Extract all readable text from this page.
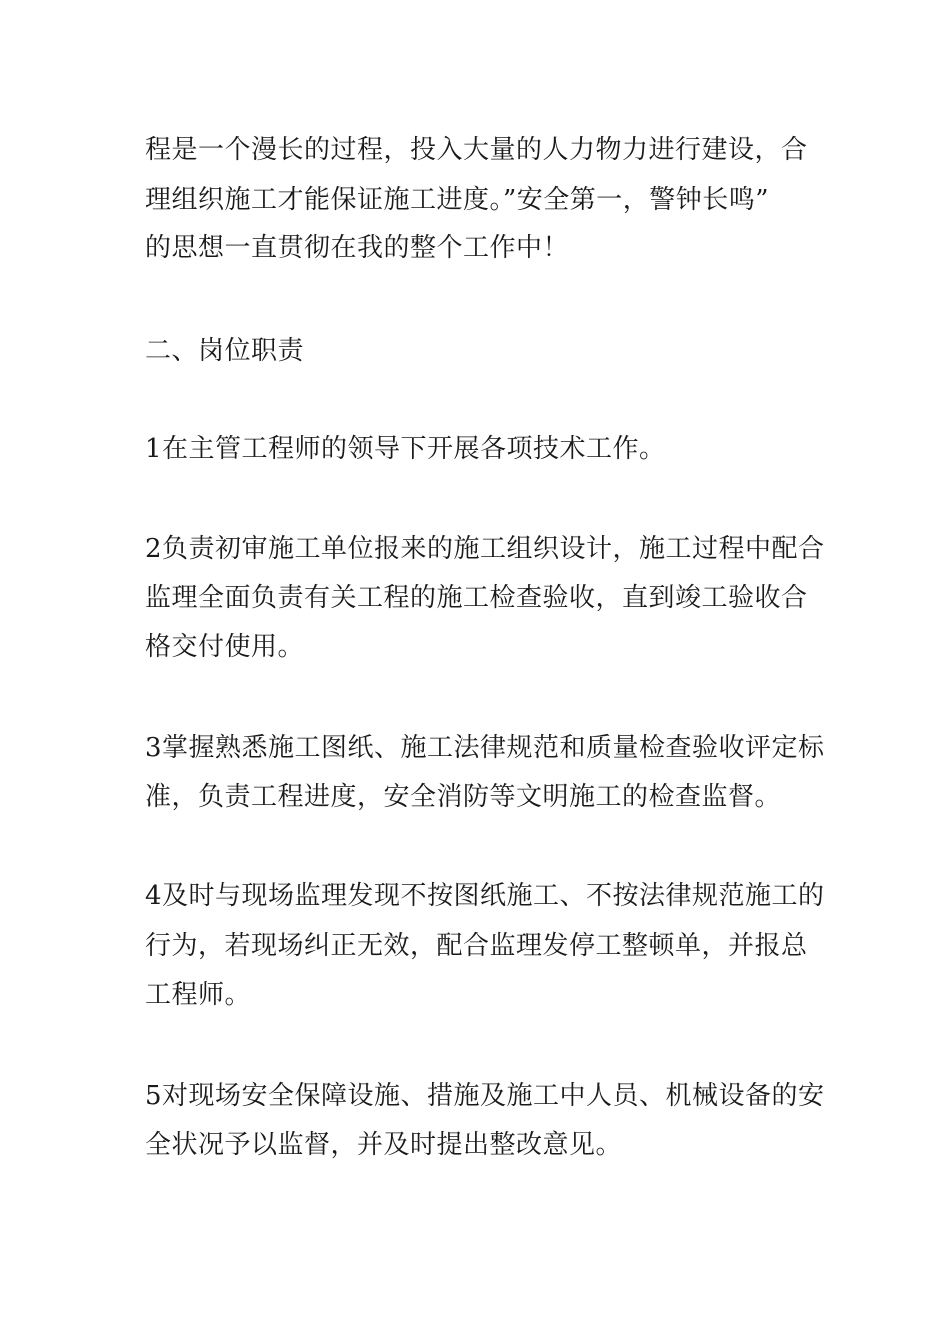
程是一个漫长的过程，投入大量的人力物力进行建设，合
理组织施工才能保证施工进度。”安全第一，警钟长鸣”
的思想一直贯彻在我的整个工作中！
二、岗位职责
1在主管工程师的领导下开展各项技术工作。
2负责初审施工单位报来的施工组织设计，施工过程中配合
监理全面负责有关工程的施工检查验收，直到竣工验收合
格交付使用。
3掌握熟悉施工图纸、施工法律规范和质量检查验收评定标
准，负责工程进度，安全消防等文明施工的检查监督。
4及时与现场监理发现不按图纸施工、不按法律规范施工的
行为，若现场纠正无效，配合监理发停工整顿单，并报总
工程师。
5对现场安全保障设施、措施及施工中人员、机械设备的安
全状况予以监督，并及时提出整改意见。
